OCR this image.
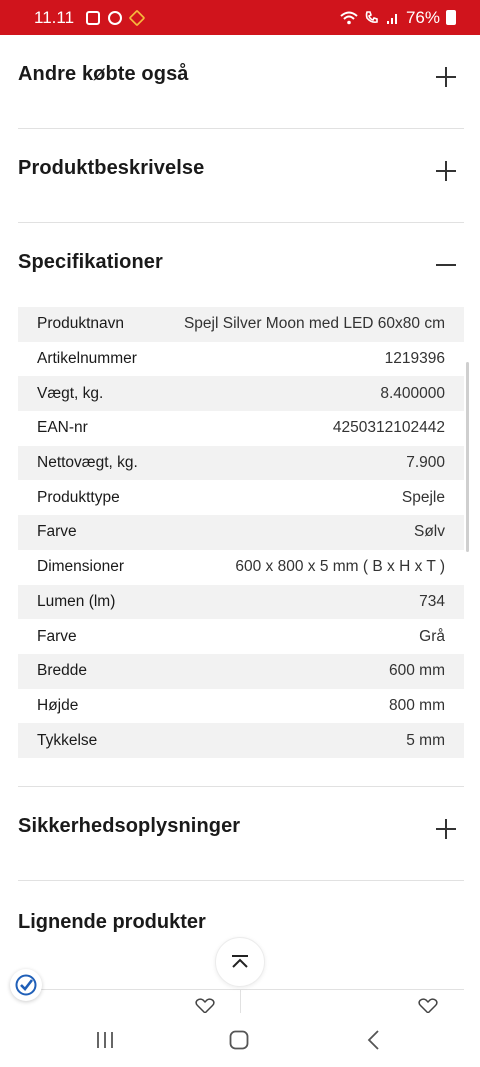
11.11	76%
Andre købte også
Produktbeskrivelse
Specifikationer
Produktnavn	Spejl Silver Moon med LED 60x80 cm
Artikelnummer	1219396
Vægt, kg.	8.400000
EAN-nr	4250312102442
Nettovægt, kg.	7.900
Produkttype	Spejle
Farve	Sølv
Dimensioner	600 x 800 x 5 mm ( B x H x T )
Lumen (lm)	734
Farve	Grå
Bredde	600 mm
Højde	800 mm
Tykkelse	5 mm
Sikkerhedsoplysninger
Lignende produkter
